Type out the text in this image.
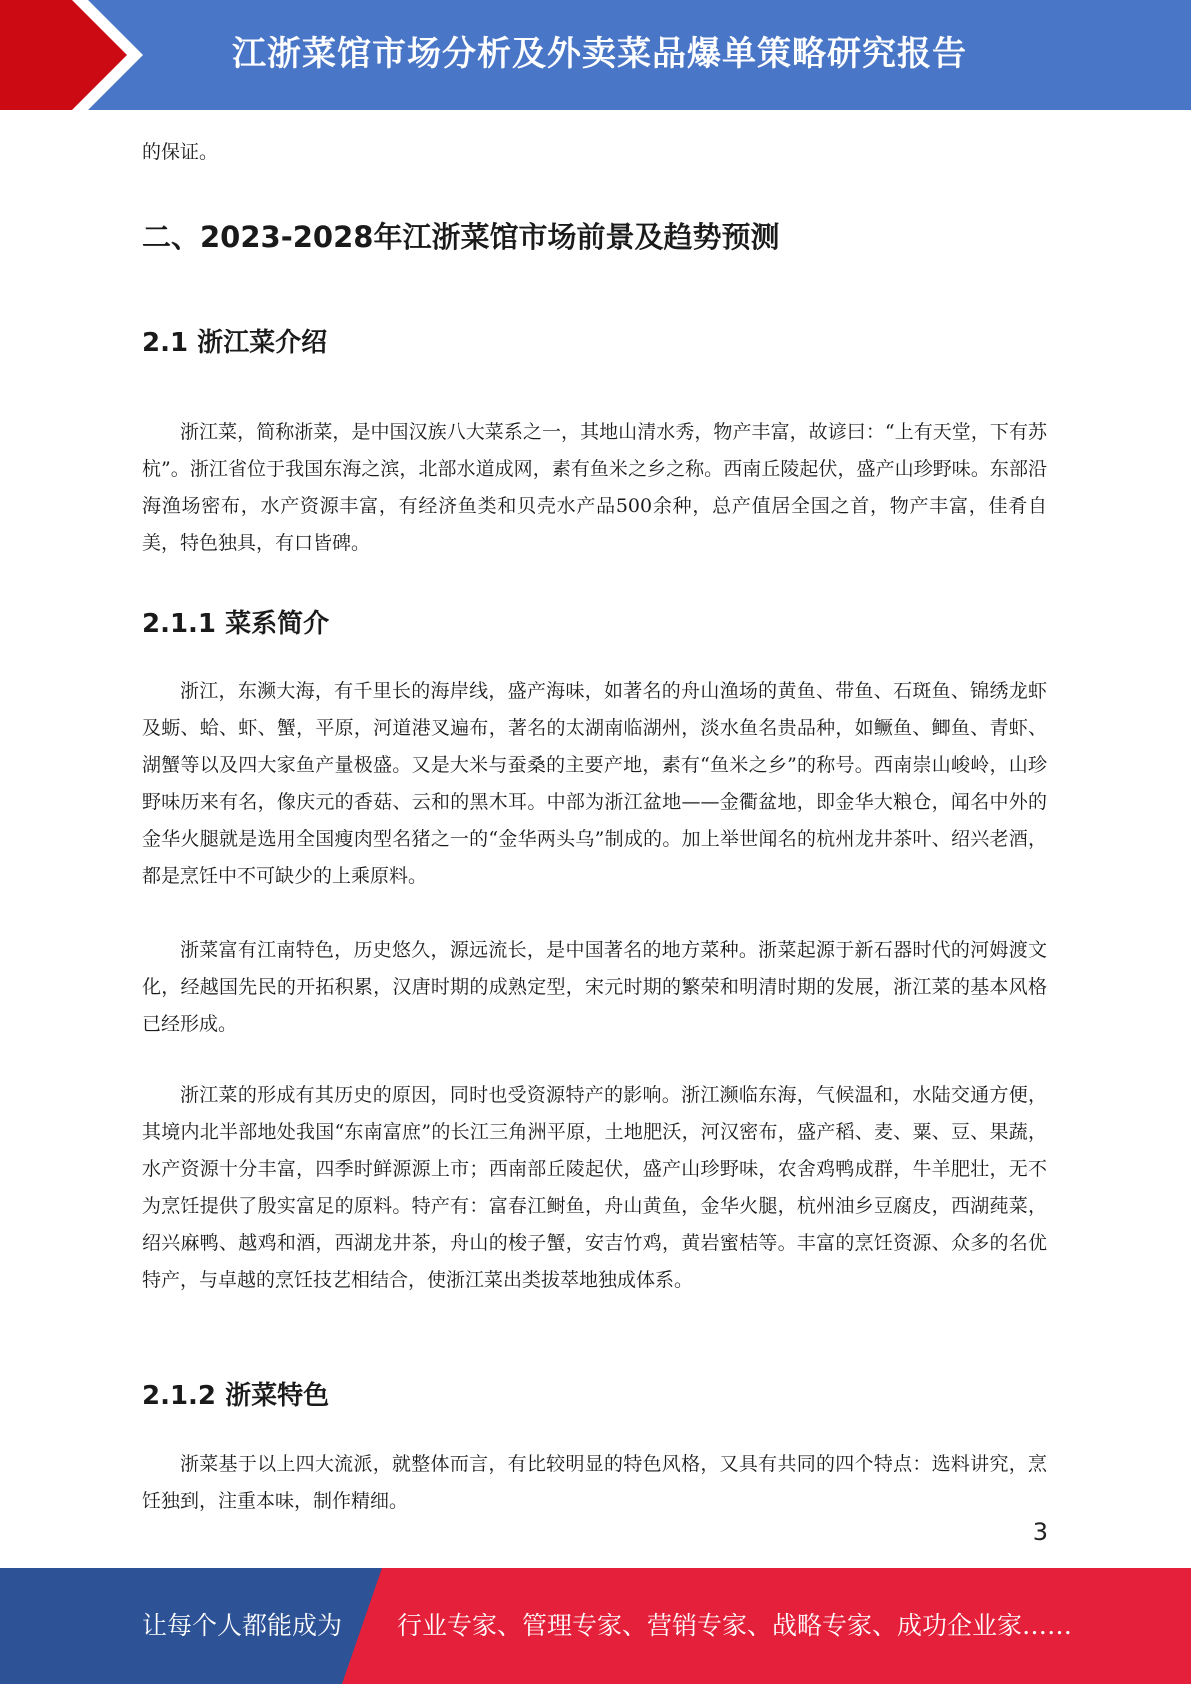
江浙菜馆市场分析及外卖菜品爆单策略研究报告

的保证。

二、2023-2028年江浙菜馆市场前景及趋势预测
2.1 浙江菜介绍

浙江菜，简称浙菜，是中国汉族八大菜系之一，其地山清水秀，物产丰富，故谚曰：“上有天堂，下有苏杭”。浙江省位于我国东海之滨，北部水道成网，素有鱼米之乡之称。西南丘陵起伏，盛产山珍野味。东部沿海渔场密布，水产资源丰富，有经济鱼类和贝壳水产品500余种，总产值居全国之首，物产丰富，佳肴自美，特色独具，有口皆碑。

2.1.1 菜系简介

浙江，东濒大海，有千里长的海岸线，盛产海味，如著名的舟山渔场的黄鱼、带鱼、石斑鱼、锦绣龙虾及蛎、蛤、虾、蟹，平原，河道港叉遍布，著名的太湖南临湖州，淡水鱼名贵品种，如鳜鱼、鲫鱼、青虾、湖蟹等以及四大家鱼产量极盛。又是大米与蚕桑的主要产地，素有“鱼米之乡”的称号。西南崇山峻岭，山珍野味历来有名，像庆元的香菇、云和的黑木耳。中部为浙江盆地——金衢盆地，即金华大粮仓，闻名中外的金华火腿就是选用全国瘦肉型名猪之一的“金华两头乌”制成的。加上举世闻名的杭州龙井茶叶、绍兴老酒，都是烹饪中不可缺少的上乘原料。

浙菜富有江南特色，历史悠久，源远流长，是中国著名的地方菜种。浙菜起源于新石器时代的河姆渡文化，经越国先民的开拓积累，汉唐时期的成熟定型，宋元时期的繁荣和明清时期的发展，浙江菜的基本风格已经形成。

浙江菜的形成有其历史的原因，同时也受资源特产的影响。浙江濒临东海，气候温和，水陆交通方便，其境内北半部地处我国“东南富庶”的长江三角洲平原，土地肥沃，河汉密布，盛产稻、麦、粟、豆、果蔬，水产资源十分丰富，四季时鲜源源上市；西南部丘陵起伏，盛产山珍野味，农舍鸡鸭成群，牛羊肥壮，无不为烹饪提供了殷实富足的原料。特产有：富春江鲥鱼，舟山黄鱼，金华火腿，杭州油乡豆腐皮，西湖莼菜，绍兴麻鸭、越鸡和酒，西湖龙井茶，舟山的梭子蟹，安吉竹鸡，黄岩蜜桔等。丰富的烹饪资源、众多的名优特产，与卓越的烹饪技艺相结合，使浙江菜出类拔萃地独成体系。

2.1.2 浙菜特色

浙菜基于以上四大流派，就整体而言，有比较明显的特色风格，又具有共同的四个特点：选料讲究，烹饪独到，注重本味，制作精细。

3
让每个人都能成为 行业专家、管理专家、营销专家、战略专家、成功企业家……
